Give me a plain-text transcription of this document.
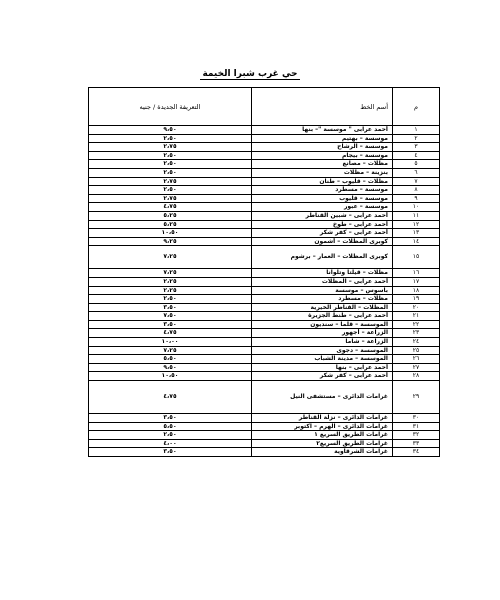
حي غرب شبرا الخيمة
م	أسم الخط	التعريفة الجديدة / جنيه
١	أحمد عرابى " موسسة "– بنها	٩،٥٠
٢	موسسة – بهتيم	٢،٥٠
٣	موسسة – الرشاح	٢،٧٥
٤	موسسة – بيجام	٢،٥٠
٥	مظلات – مصانع	٢،٥٠
٦	بنزينة – مظلات	٢،٥٠
٧	مظلات – قليوب – طنان	٢،٧٥
٨	موسسة – مسطرد	٢،٥٠
٩	موسسة – قليوب	٢،٧٥
١٠	موسسة – عبور	٤،٧٥
١١	أحمد عرابى – شبين القناطر	٥،٢٥
١٢	أحمد عرابى – طوخ	٥،٢٥
١٣	أحمد عرابى – كفر شكر	١٠،٥٠
١٤	كوبرى المظلات – أشمون	٩،٢٥
١٥	كوبرى المظلات – العمار – برشوم	٧،٢٥
١٦	مظلات – قيلتا وتلوانا	٧،٢٥
١٧	أحمد عرابى – المظلات	٢،٢٥
١٨	باسوس – موسسة	٢،٢٥
١٩	مظلات – مسطرد	٢،٥٠
٢٠	المظلات – القناطر الخيرية	٣،٥٠
٢١	أحمد عرابى – طنط الجزيرة	٧،٥٠
٢٢	الموسسة – قلما – سنديون	٣،٥٠
٢٣	الزراعة – أجهور	٤،٧٥
٢٤	الزراعة – شاما	١٠،٠٠
٢٥	الموسسة – دجوى	٧،٢٥
٢٦	الموسسة – مدينة الشباب	٥،٥٠
٢٧	أحمد عرابى – بنها	٩،٥٠
٢٨	أحمد عرابى – كفر شكر	١٠،٥٠
٢٩	غرامات الدائرى – مستشفى النيل	٤،٧٥
٣٠	غرامات الدائرى – نزلة القناطر	٣،٥٠
٣١	غرامات الدائرى – الهرم – اكتوبر	٥،٥٠
٣٢	غرامات الطريق السريع ١	٢،٥٠
٣٣	غرامات الطريق السريع٢	٤،٠٠
٣٤	غرامات الشرقاوية	٣،٥٠
